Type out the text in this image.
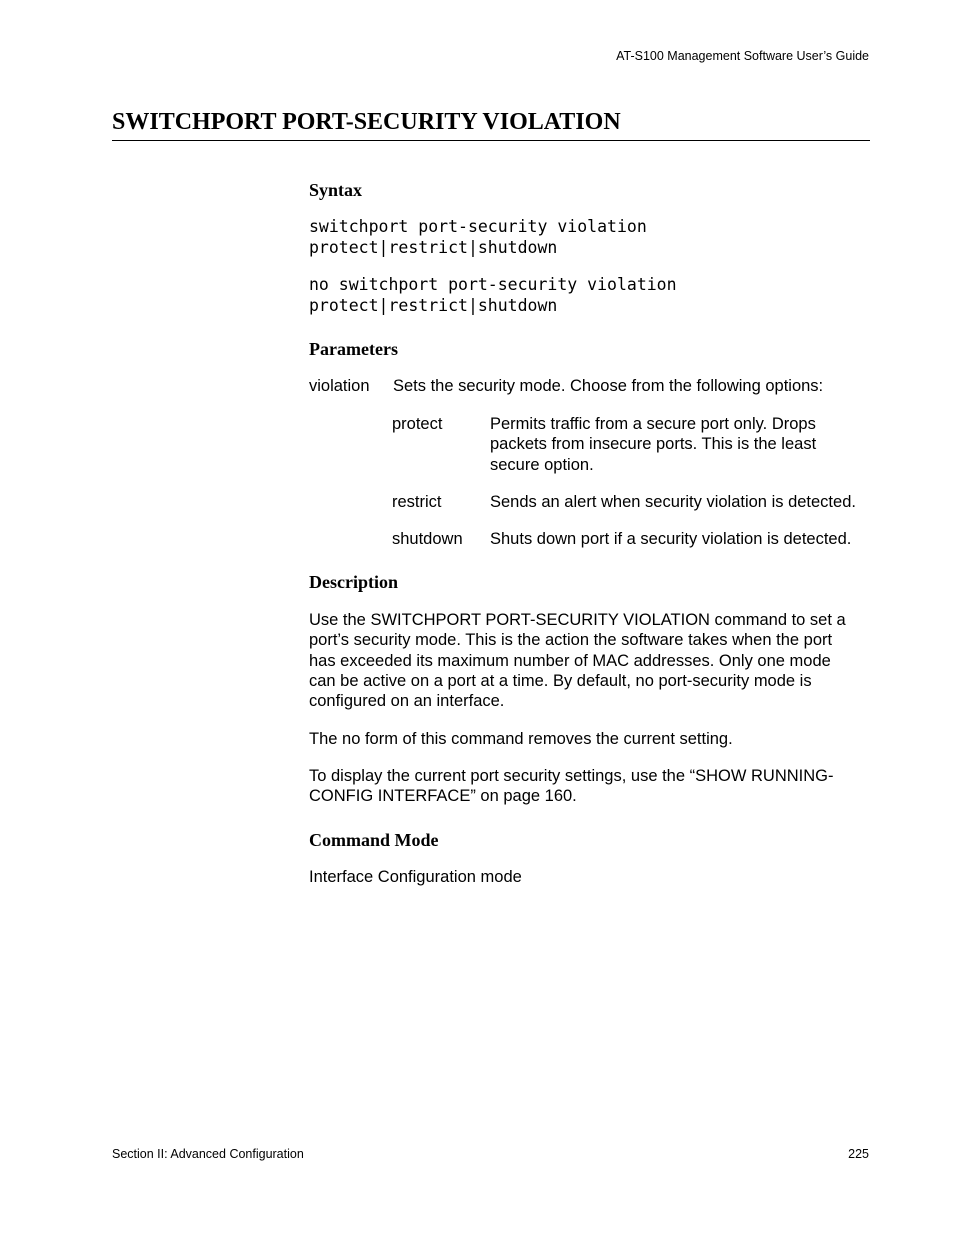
AT-S100 Management Software User’s Guide
SWITCHPORT PORT-SECURITY VIOLATION
Syntax
switchport port-security violation
protect|restrict|shutdown
no switchport port-security violation
protect|restrict|shutdown
Parameters
violation Sets the security mode. Choose from the following options:
protect	Permits traffic from a secure port only. Drops
packets from insecure ports. This is the least
secure option.
restrict	Sends an alert when security violation is detected.
shutdown Shuts down port if a security violation is detected.
Description
Use the SWITCHPORT PORT-SECURITY VIOLATION command to set a
port’s security mode. This is the action the software takes when the port
has exceeded its maximum number of MAC addresses. Only one mode
can be active on a port at a time. By default, no port-security mode is
configured on an interface.
The no form of this command removes the current setting.
To display the current port security settings, use the “SHOW RUNNING-
CONFIG INTERFACE” on page 160.
Command Mode
Interface Configuration mode
Section II: Advanced Configuration	225
